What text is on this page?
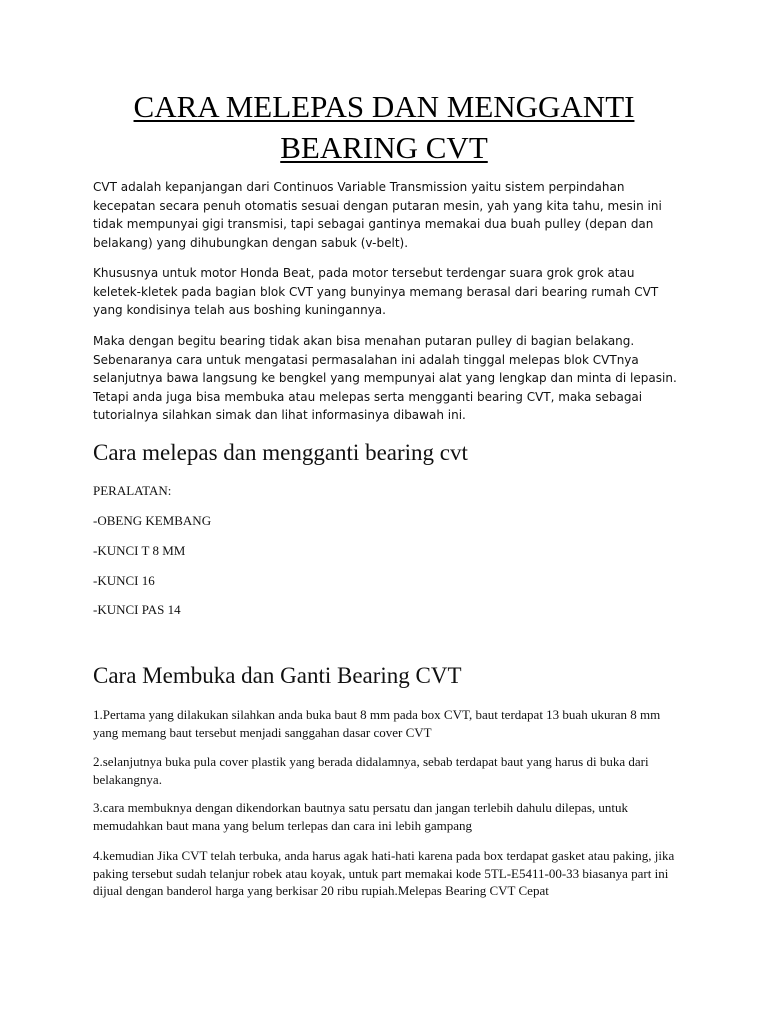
CARA MELEPAS DAN MENGGANTI BEARING CVT

CVT adalah kepanjangan dari Continuos Variable Transmission yaitu sistem perpindahan kecepatan secara penuh otomatis sesuai dengan putaran mesin, yah yang kita tahu, mesin ini tidak mempunyai gigi transmisi, tapi sebagai gantinya memakai dua buah pulley (depan dan belakang) yang dihubungkan dengan sabuk (v-belt).

Khususnya untuk motor Honda Beat, pada motor tersebut terdengar suara grok grok atau keletek-kletek pada bagian blok CVT yang bunyinya memang berasal dari bearing rumah CVT yang kondisinya telah aus boshing kuningannya.

Maka dengan begitu bearing tidak akan bisa menahan putaran pulley di bagian belakang. Sebenaranya cara untuk mengatasi permasalahan ini adalah tinggal melepas blok CVTnya selanjutnya bawa langsung ke bengkel yang mempunyai alat yang lengkap dan minta di lepasin. Tetapi anda juga bisa membuka atau melepas serta mengganti bearing CVT, maka sebagai tutorialnya silahkan simak dan lihat informasinya dibawah ini.

Cara melepas dan mengganti bearing cvt

PERALATAN:

-OBENG KEMBANG

-KUNCI T 8 MM

-KUNCI 16

-KUNCI PAS 14

Cara Membuka dan Ganti Bearing CVT

1.Pertama yang dilakukan silahkan anda buka baut 8 mm pada box CVT, baut terdapat 13 buah ukuran 8 mm yang memang baut tersebut menjadi sanggahan dasar cover CVT

2.selanjutnya buka pula cover plastik yang berada didalamnya, sebab terdapat baut yang harus di buka dari belakangnya.

3.cara membuknya dengan dikendorkan bautnya satu persatu dan jangan terlebih dahulu dilepas, untuk memudahkan baut mana yang belum terlepas dan cara ini lebih gampang

4.kemudian Jika CVT telah terbuka, anda harus agak hati-hati karena pada box terdapat gasket atau paking, jika paking tersebut sudah telanjur robek atau koyak, untuk part memakai kode 5TL-E5411-00-33 biasanya part ini dijual dengan banderol harga yang berkisar 20 ribu rupiah.Melepas Bearing CVT Cepat
